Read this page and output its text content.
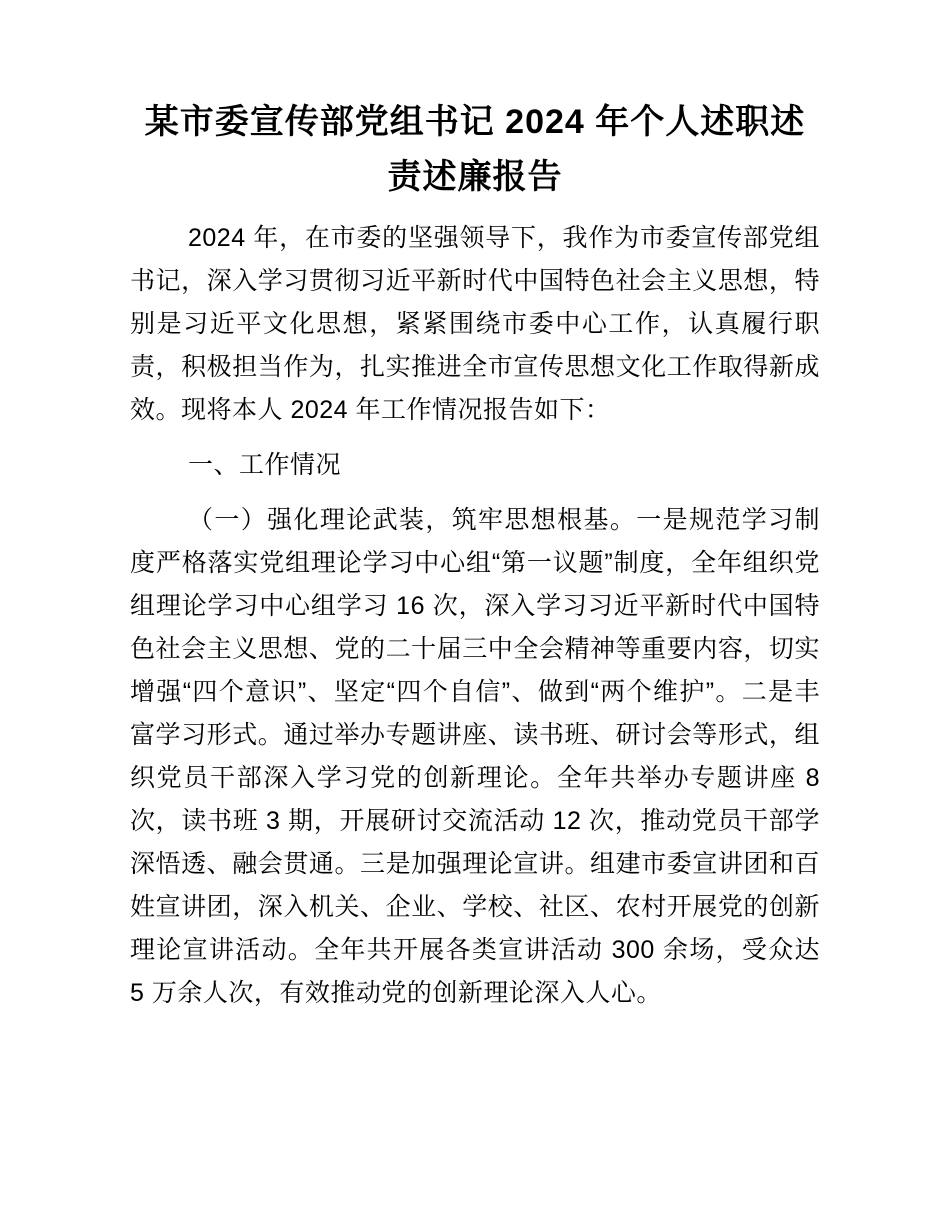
某市委宣传部党组书记 2024 年个人述职述责述廉报告

2024 年，在市委的坚强领导下，我作为市委宣传部党组书记，深入学习贯彻习近平新时代中国特色社会主义思想，特别是习近平文化思想，紧紧围绕市委中心工作，认真履行职责，积极担当作为，扎实推进全市宣传思想文化工作取得新成效。现将本人 2024 年工作情况报告如下：

一、工作情况

（一）强化理论武装，筑牢思想根基。一是规范学习制度严格落实党组理论学习中心组“第一议题”制度，全年组织党组理论学习中心组学习 16 次，深入学习习近平新时代中国特色社会主义思想、党的二十届三中全会精神等重要内容，切实增强“四个意识”、坚定“四个自信”、做到“两个维护”。二是丰富学习形式。通过举办专题讲座、读书班、研讨会等形式，组织党员干部深入学习党的创新理论。全年共举办专题讲座 8 次，读书班 3 期，开展研讨交流活动 12 次，推动党员干部学深悟透、融会贯通。三是加强理论宣讲。组建市委宣讲团和百姓宣讲团，深入机关、企业、学校、社区、农村开展党的创新理论宣讲活动。全年共开展各类宣讲活动 300 余场，受众达 5 万余人次，有效推动党的创新理论深入人心。
